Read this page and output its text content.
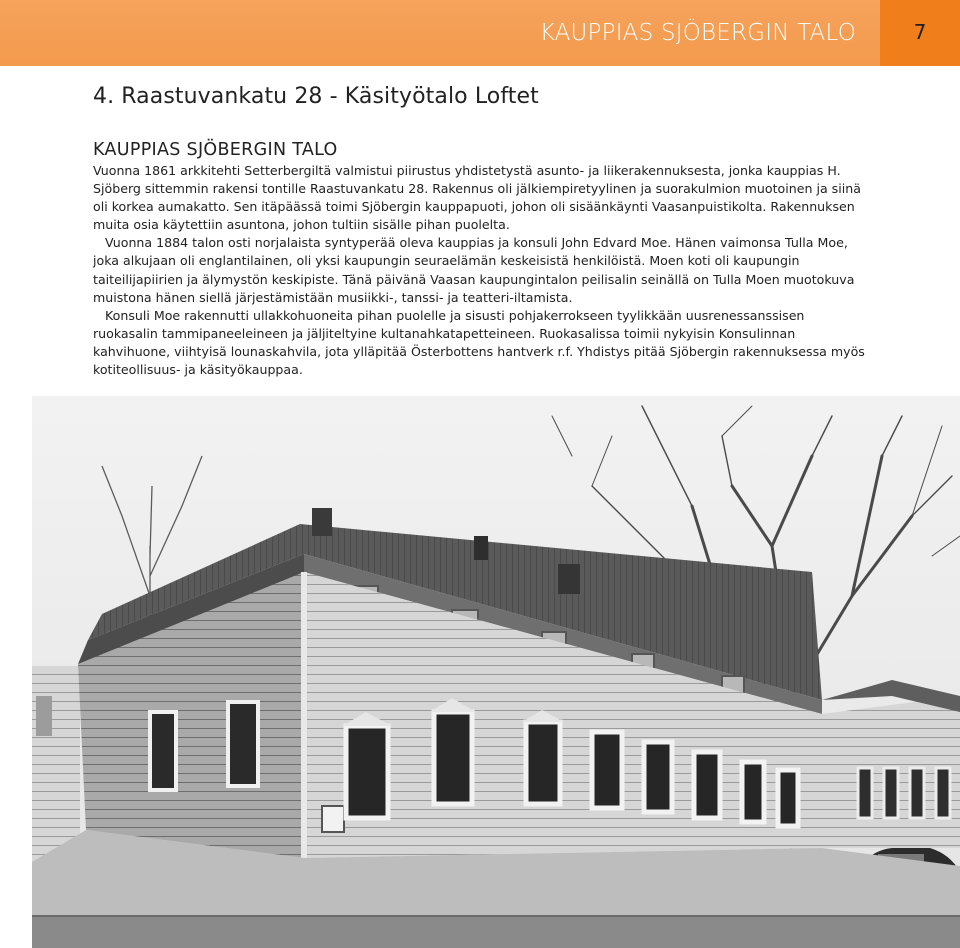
KAUPPIAS SJÖBERGIN TALO	7
4. Raastuvankatu 28 - Käsityötalo Loftet
KAUPPIAS SJÖBERGIN TALO

Vuonna 1861 arkkitehti Setterbergiltä valmistui piirustus yhdistetystä asunto- ja liikerakennuksesta, jonka kauppias H. Sjöberg sittemmin rakensi tontille Raastuvankatu 28. Rakennus oli jälkiempiretyylinen ja suorakulmion muotoinen ja siinä oli korkea aumakatto. Sen itäpäässä toimi Sjöbergin kauppapuoti, johon oli sisäänkäynti Vaasanpuistikolta. Rakennuksen muita osia käytettiin asuntona, johon tultiin sisälle pihan puolelta.

Vuonna 1884 talon osti norjalaista syntyperää oleva kauppias ja konsuli John Edvard Moe. Hänen vaimonsa Tulla Moe, joka alkujaan oli englantilainen, oli yksi kaupungin seuraelämän keskeisistä henkilöistä. Moen koti oli kaupungin taiteilijapiirien ja älymystön keskipiste. Tänä päivänä Vaasan kaupungintalon peilisalin seinällä on Tulla Moen muotokuva muistona hänen siellä järjestämistään musiikki-, tanssi- ja teatteri-iltamista.

Konsuli Moe rakennutti ullakkohuoneita pihan puolelle ja sisusti pohjakerrokseen tyylikkään uusrenessanssisen ruokasalin tammipaneeleineen ja jäljiteltyine kultanahkatapetteineen. Ruokasalissa toimii nykyisin Konsulinnan kahvihuone, viihtyisä lounaskahvila, jota ylläpitää Österbottens hantverk r.f. Yhdistys pitää Sjöbergin rakennuksessa myös kotiteollisuus- ja käsityökauppaa.
